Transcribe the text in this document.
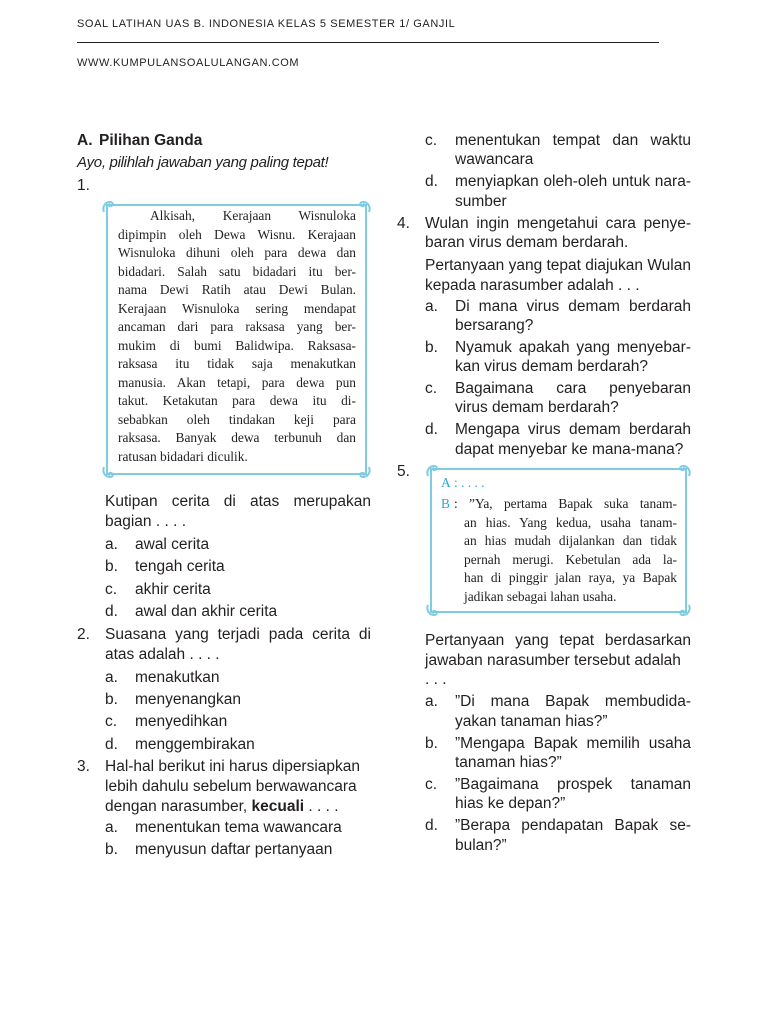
SOAL LATIHAN UAS B. INDONESIA KELAS 5 SEMESTER 1/ GANJIL
WWW.KUMPULANSOALULANGAN.COM
A. Pilihan Ganda
Ayo, pilihlah jawaban yang paling tepat!
1.
Alkisah, Kerajaan Wisnuloka
dipimpin oleh Dewa Wisnu. Kerajaan
Wisnuloka dihuni oleh para dewa dan
bidadari. Salah satu bidadari itu ber-
nama Dewi Ratih atau Dewi Bulan.
Kerajaan Wisnuloka sering mendapat
ancaman dari para raksasa yang ber-
mukim di bumi Balidwipa. Raksasa-
raksasa itu tidak saja menakutkan
manusia. Akan tetapi, para dewa pun
takut. Ketakutan para dewa itu di-
sebabkan oleh tindakan keji para
raksasa. Banyak dewa terbunuh dan
ratusan bidadari diculik.
Kutipan cerita di atas merupakan
bagian . . . .
a. awal cerita
b. tengah cerita
c. akhir cerita
d. awal dan akhir cerita
2. Suasana yang terjadi pada cerita di
atas adalah . . . .
a. menakutkan
b. menyenangkan
c. menyedihkan
d. menggembirakan
3. Hal-hal berikut ini harus dipersiapkan
lebih dahulu sebelum berwawancara
dengan narasumber, kecuali . . . .
a. menentukan tema wawancara
b. menyusun daftar pertanyaan
c. menentukan tempat dan waktu
wawancara
d. menyiapkan oleh-oleh untuk nara-
sumber
4. Wulan ingin mengetahui cara penye-
baran virus demam berdarah.
Pertanyaan yang tepat diajukan Wulan
kepada narasumber adalah . . .
a. Di mana virus demam berdarah
bersarang?
b. Nyamuk apakah yang menyebar-
kan virus demam berdarah?
c. Bagaimana cara penyebaran
virus demam berdarah?
d. Mengapa virus demam berdarah
dapat menyebar ke mana-mana?
5.
A : . . . .
B : ”Ya, pertama Bapak suka tanam-
an hias. Yang kedua, usaha tanam-
an hias mudah dijalankan dan tidak
pernah merugi. Kebetulan ada la-
han di pinggir jalan raya, ya Bapak
jadikan sebagai lahan usaha.
Pertanyaan yang tepat berdasarkan
jawaban narasumber tersebut adalah
. . .
a. ”Di mana Bapak membudida-
yakan tanaman hias?”
b. ”Mengapa Bapak memilih usaha
tanaman hias?”
c. ”Bagaimana prospek tanaman
hias ke depan?”
d. ”Berapa pendapatan Bapak se-
bulan?”
